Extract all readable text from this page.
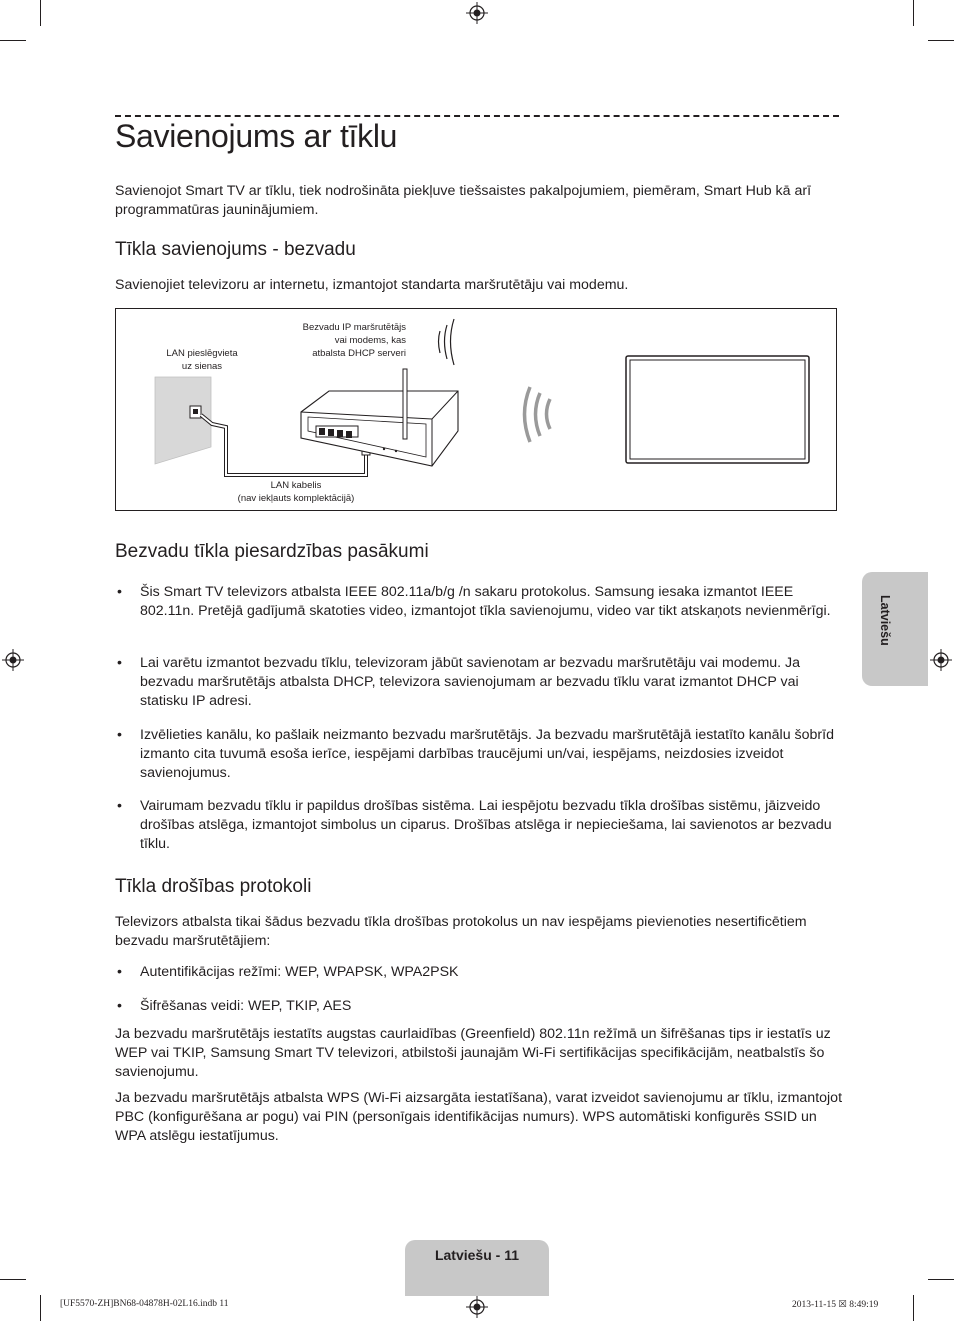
Savienojums ar tīklu

Savienojot Smart TV ar tīklu, tiek nodrošināta piekļuve tiešsaistes pakalpojumiem, piemēram, Smart Hub kā arī programmatūras jauninājumiem.

Tīkla savienojums - bezvadu

Savienojiet televizoru ar internetu, izmantojot standarta maršrutētāju vai modemu.

LAN pieslēgvieta
uz sienas
Bezvadu IP maršrutētājs
vai modems, kas
atbalsta DHCP serveri
LAN kabelis
(nav iekļauts komplektācijā)
Bezvadu tīkla piesardzības pasākumi
• Šis Smart TV televizors atbalsta IEEE 802.11a/b/g /n sakaru protokolus. Samsung iesaka izmantot IEEE 802.11n. Pretējā gadījumā skatoties video, izmantojot tīkla savienojumu, video var tikt atskaņots nevienmērīgi.
• Lai varētu izmantot bezvadu tīklu, televizoram jābūt savienotam ar bezvadu maršrutētāju vai modemu. Ja bezvadu maršrutētājs atbalsta DHCP, televizora savienojumam ar bezvadu tīklu varat izmantot DHCP vai statisku IP adresi.
• Izvēlieties kanālu, ko pašlaik neizmanto bezvadu maršrutētājs. Ja bezvadu maršrutētājā iestatīto kanālu šobrīd izmanto cita tuvumā esoša ierīce, iespējami darbības traucējumi un/vai, iespējams, neizdosies izveidot savienojumus.
• Vairumam bezvadu tīklu ir papildus drošības sistēma. Lai iespējotu bezvadu tīkla drošības sistēmu, jāizveido drošības atslēga, izmantojot simbolus un ciparus. Drošības atslēga ir nepieciešama, lai savienotos ar bezvadu tīklu.
Tīkla drošības protokoli

Televizors atbalsta tikai šādus bezvadu tīkla drošības protokolus un nav iespējams pievienoties nesertificētiem bezvadu maršrutētājiem:

• Autentifikācijas režīmi: WEP, WPAPSK, WPA2PSK
• Šifrēšanas veidi: WEP, TKIP, AES

Ja bezvadu maršrutētājs iestatīts augstas caurlaidības (Greenfield) 802.11n režīmā un šifrēšanas tips ir iestatīs uz WEP vai TKIP, Samsung Smart TV televizori, atbilstoši jaunajām Wi-Fi sertifikācijas specifikācijām, neatbalstīs šo savienojumu.

Ja bezvadu maršrutētājs atbalsta WPS (Wi-Fi aizsargāta iestatīšana), varat izveidot savienojumu ar tīklu, izmantojot PBC (konfigurēšana ar pogu) vai PIN (personīgais identifikācijas numurs). WPS automātiski konfigurēs SSID un WPA atslēgu iestatījumus.

Latviešu
Latviešu - 11
[UF5570-ZH]BN68-04878H-02L16.indb 11	2013-11-15 ☒ 8:49:19
